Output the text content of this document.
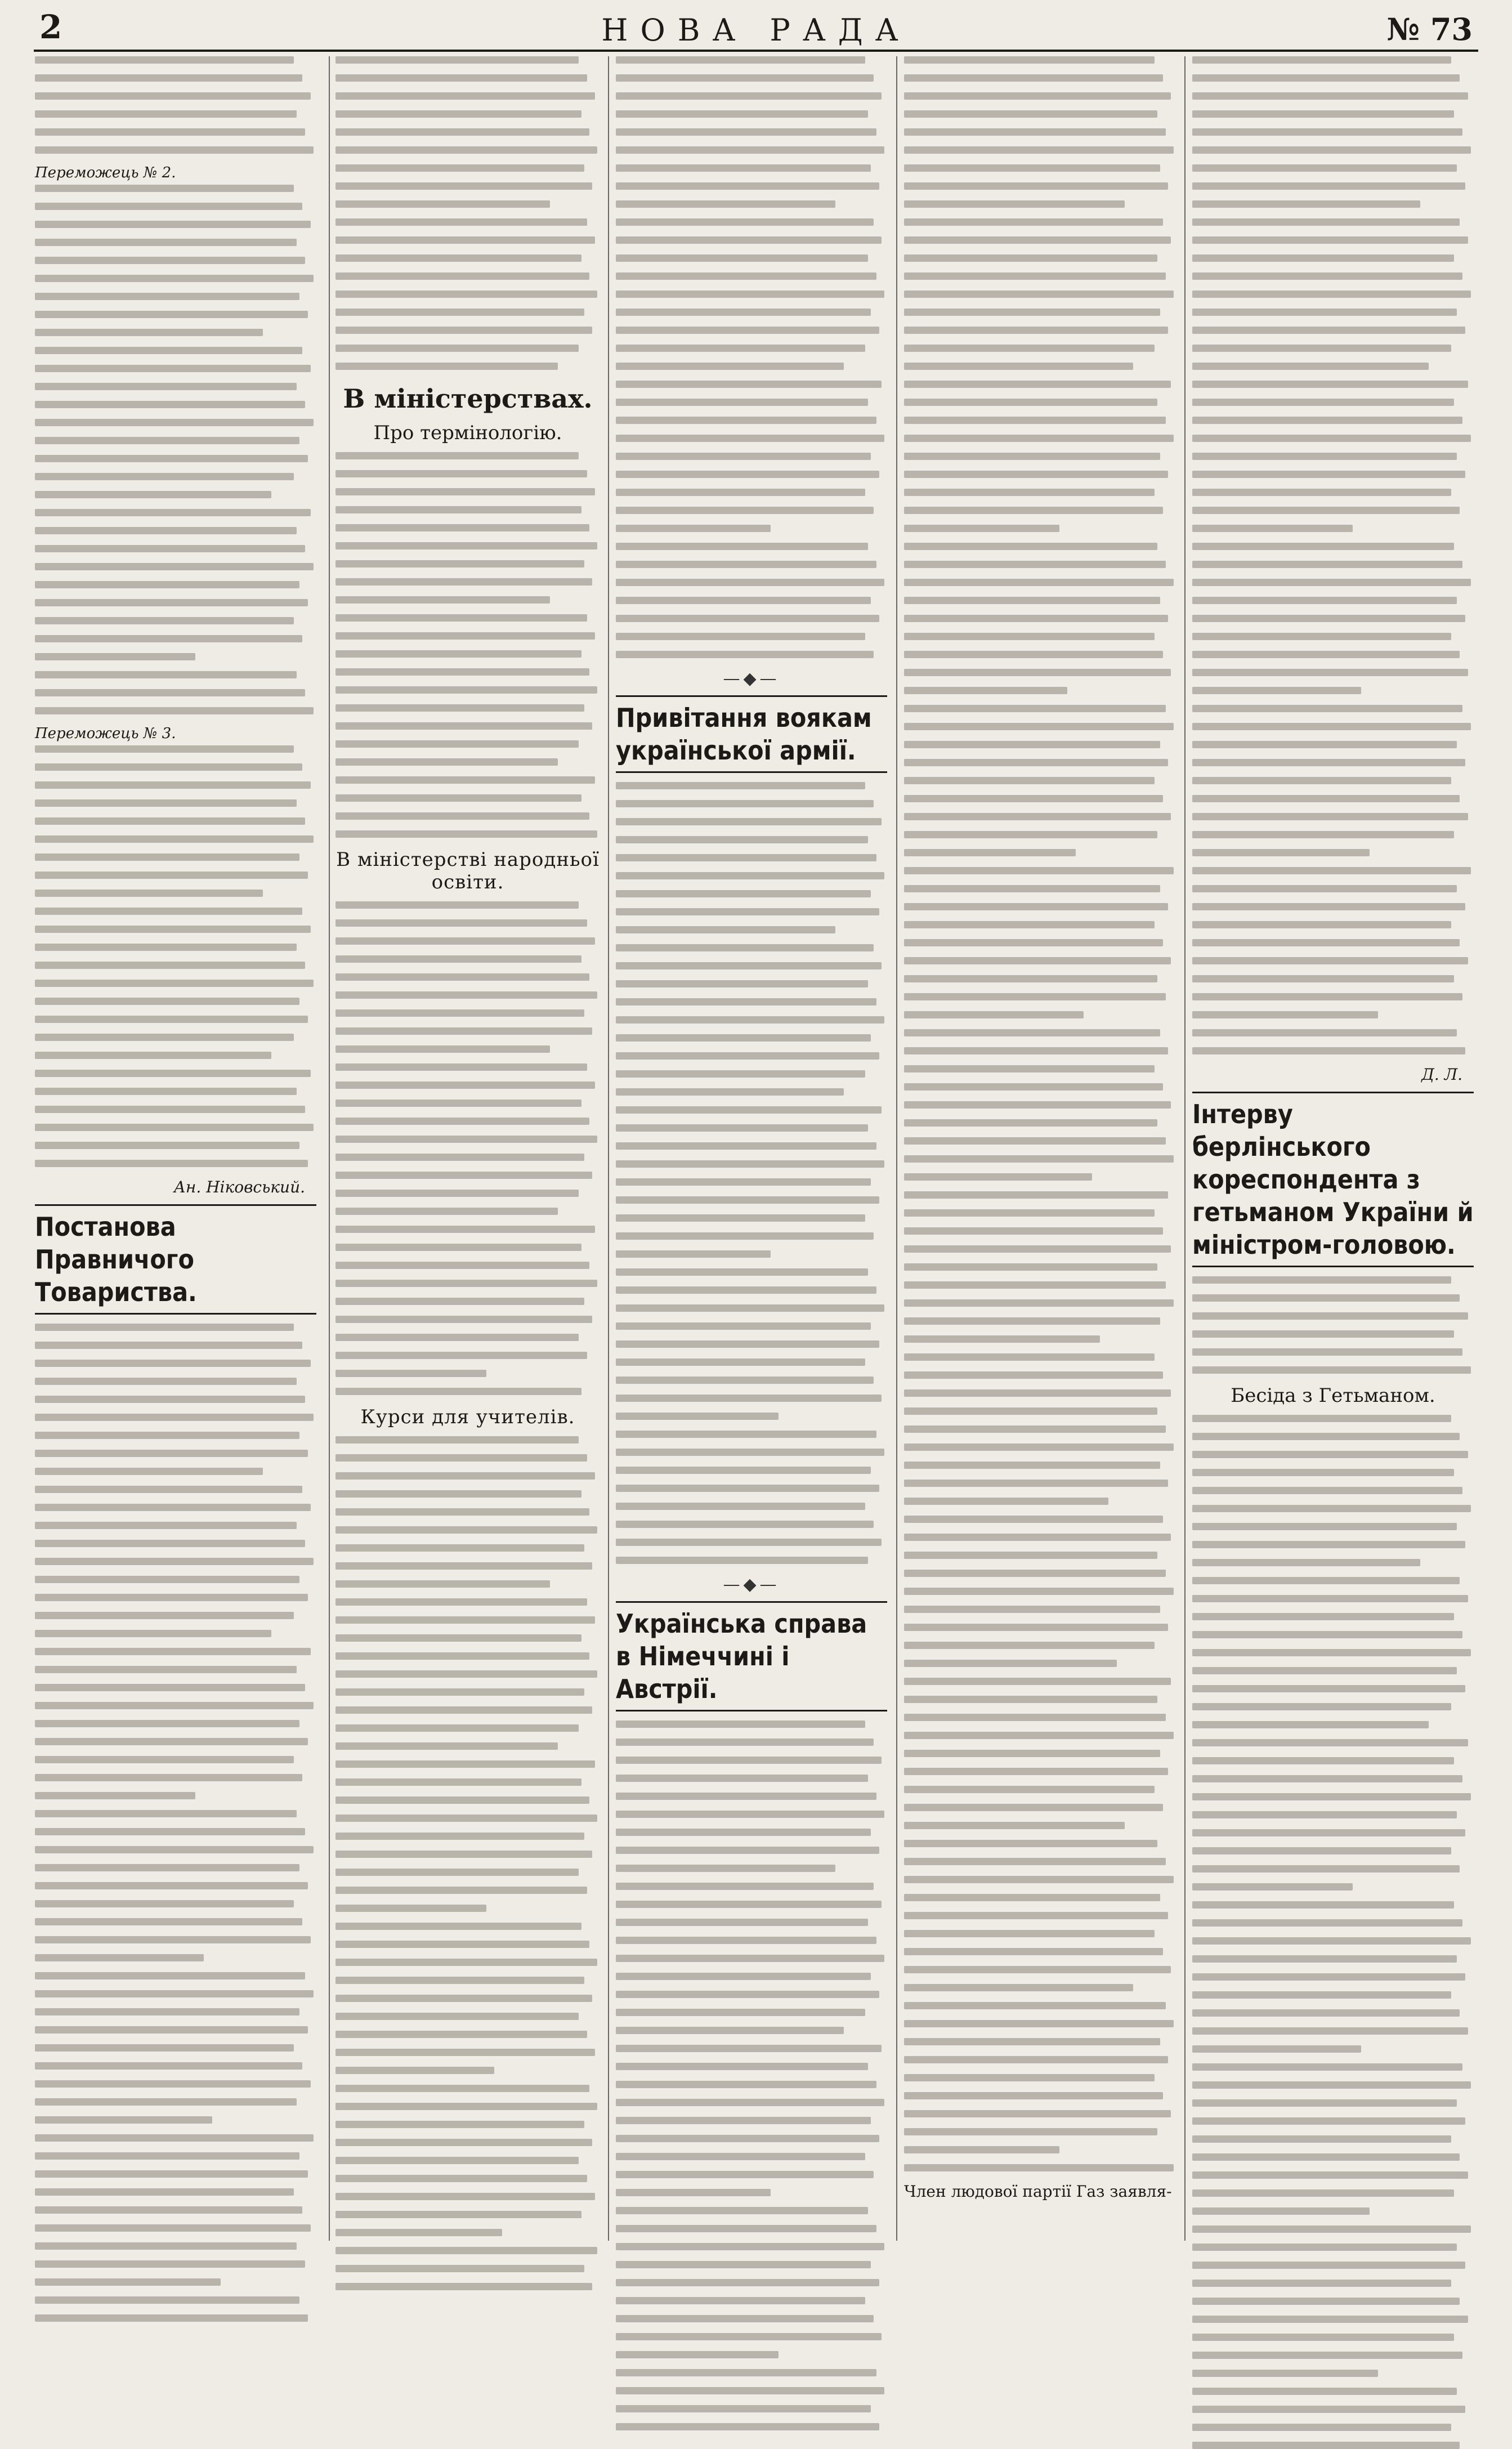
2	НОВА РАДА	№ 73
Переможець № 2.
Переможець № 3.
Ан. Ніковський.
Постанова Правничого Товариства.
В міністерствах.
Про термінологію.
В міністерстві народньої освіти.
Курси для учителів.
—◆—
Привітання воякам української армії.
—◆—
Українська справа в Німеччині і Австрії.
Член людової партії Газ заявля-
Д. Л.
Інтерву берлінського кореспондента з гетьманом України й міністром-головою.
Бесіда з Гетьманом.
